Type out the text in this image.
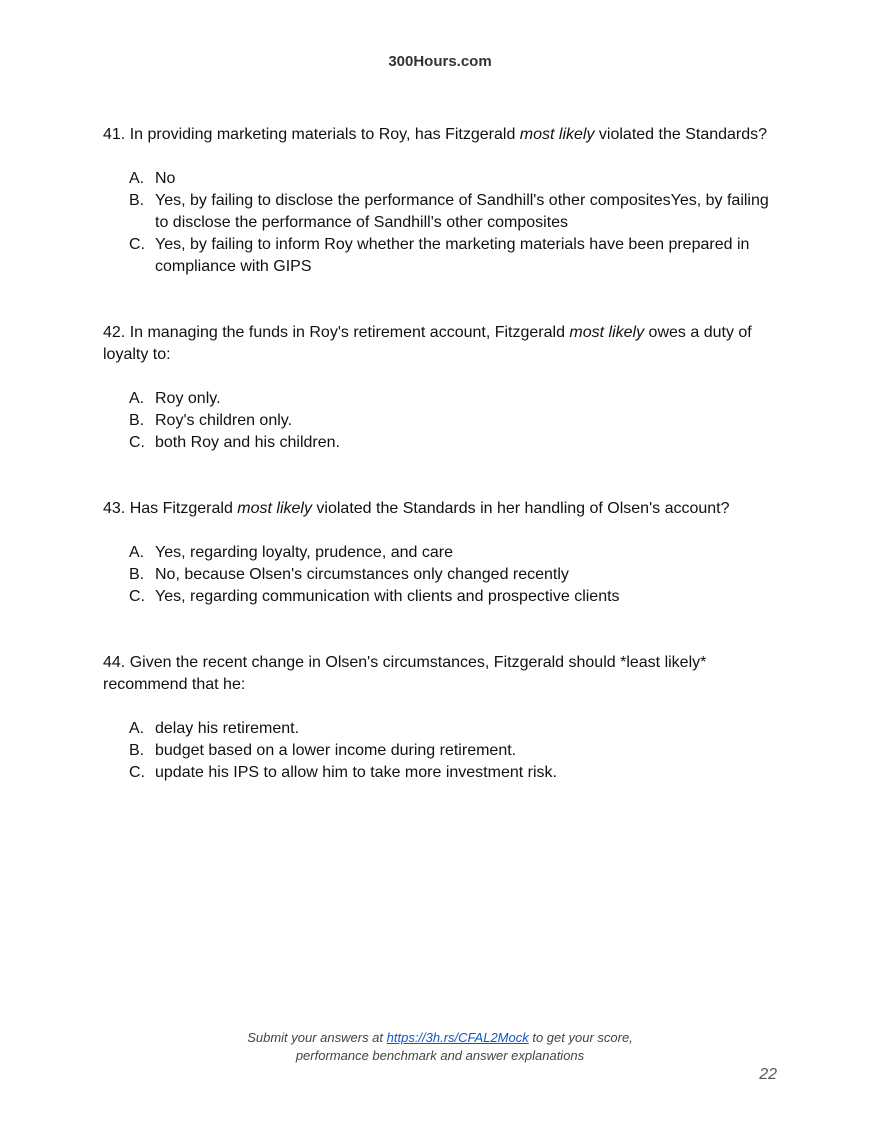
300Hours.com

41. In providing marketing materials to Roy, has Fitzgerald most likely violated the Standards?

A. No
B. Yes, by failing to disclose the performance of Sandhill's other compositesYes, by failing to disclose the performance of Sandhill's other composites
C. Yes, by failing to inform Roy whether the marketing materials have been prepared in compliance with GIPS

42. In managing the funds in Roy's retirement account, Fitzgerald most likely owes a duty of loyalty to:

A. Roy only.
B. Roy's children only.
C. both Roy and his children.

43. Has Fitzgerald most likely violated the Standards in her handling of Olsen's account?

A. Yes, regarding loyalty, prudence, and care
B. No, because Olsen's circumstances only changed recently
C. Yes, regarding communication with clients and prospective clients

44. Given the recent change in Olsen's circumstances, Fitzgerald should *least likely* recommend that he:

A. delay his retirement.
B. budget based on a lower income during retirement.
C. update his IPS to allow him to take more investment risk.
Submit your answers at https://3h.rs/CFAL2Mock to get your score,
performance benchmark and answer explanations
22
